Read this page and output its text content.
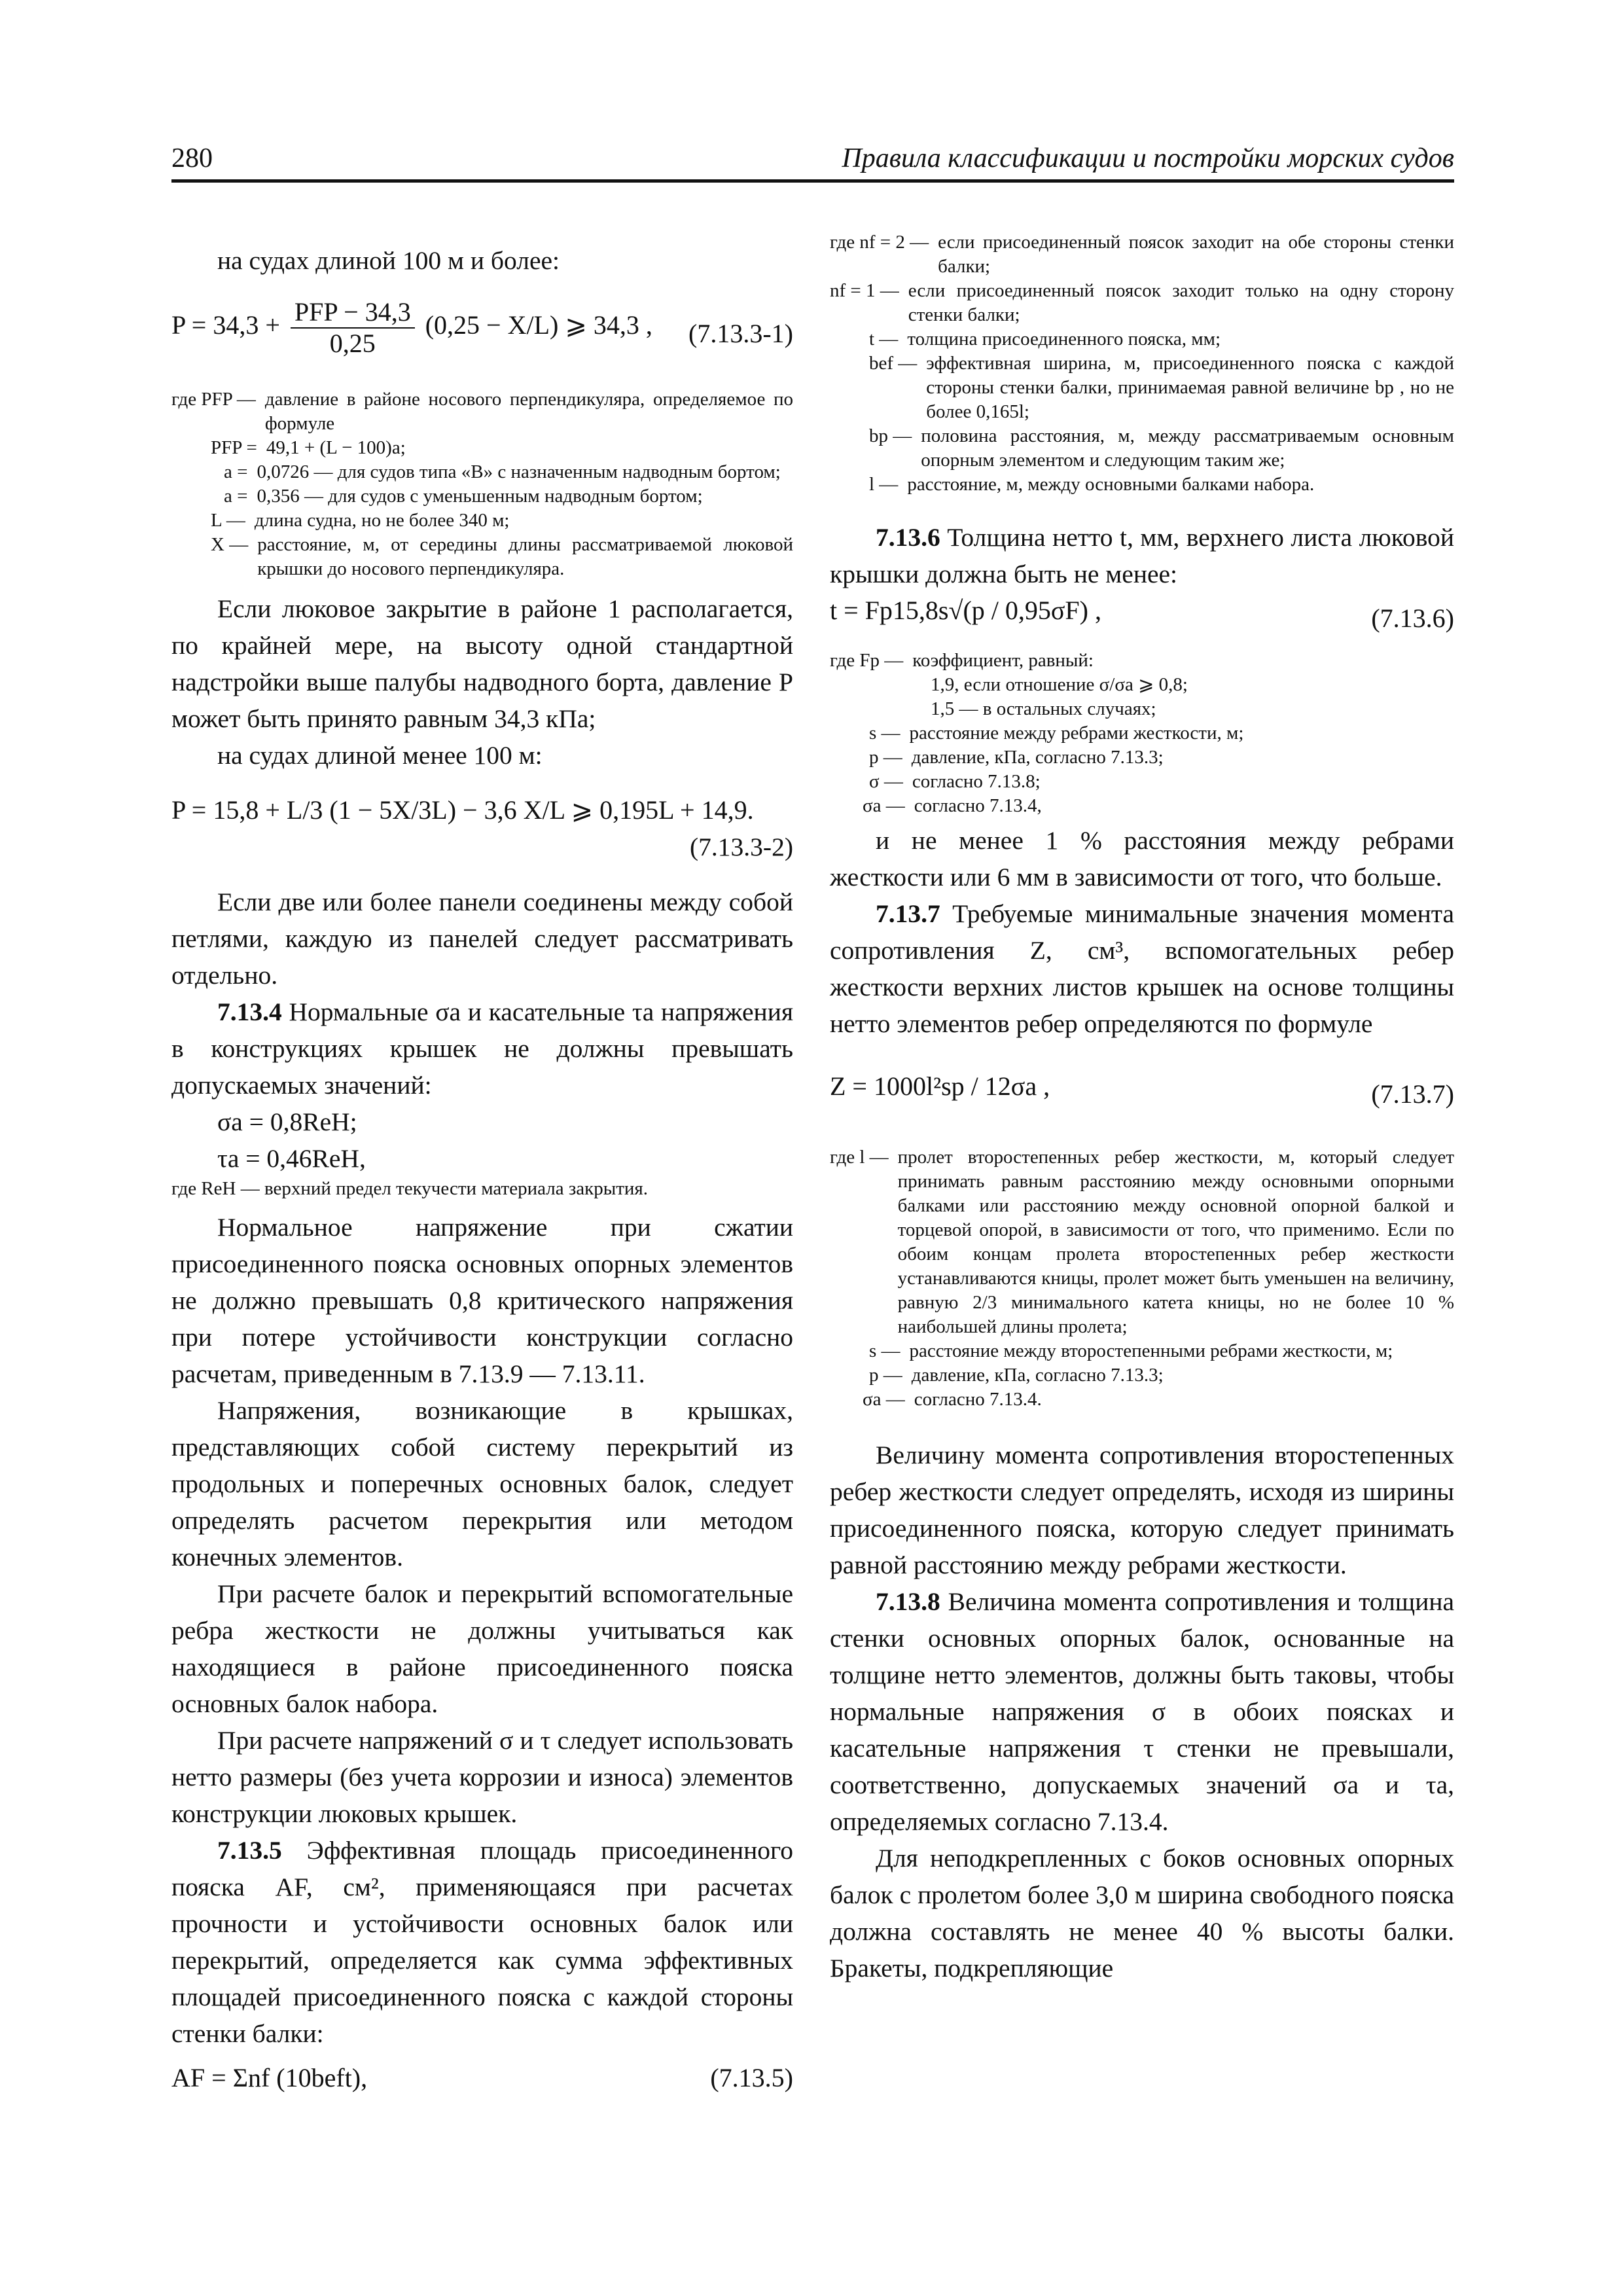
280	Правила классификации и постройки морских судов

на судах длиной 100 м и более:

P = 34,3 + PFP − 34,3
0,25
(0,25 − X/L) ⩾ 34,3 , (7.13.3-1)
где PFP — давление в районе носового перпендикуляра, определяемое по формуле
PFP = 49,1 + (L − 100)a;
a = 0,0726 — для судов типа «В» с назначенным надводным бортом;
a = 0,356 — для судов с уменьшенным надводным бортом;
L — длина судна, но не более 340 м;
X — расстояние, м, от середины длины рассматриваемой люковой крышки до носового перпендикуляра.

Если люковое закрытие в районе 1 располагается, по крайней мере, на высоту одной стандартной надстройки выше палубы надводного борта, давление P может быть принято равным 34,3 кПа;

на судах длиной менее 100 м:

P = 15,8 + L/3 (1 − 5X/3L) − 3,6 X/L ⩾ 0,195L + 14,9.

(7.13.3-2)

Если две или более панели соединены между собой петлями, каждую из панелей следует рассматривать отдельно.

7.13.4 Нормальные σa и касательные τa напряжения в конструкциях крышек не должны превышать допускаемых значений:

σa = 0,8ReH;

τa = 0,46ReH,

где ReH — верхний предел текучести материала закрытия.

Нормальное напряжение при сжатии присоединенного пояска основных опорных элементов не должно превышать 0,8 критического напряжения при потере устойчивости конструкции согласно расчетам, приведенным в 7.13.9 — 7.13.11.

Напряжения, возникающие в крышках, представляющих собой систему перекрытий из продольных и поперечных основных балок, следует определять расчетом перекрытия или методом конечных элементов.

При расчете балок и перекрытий вспомогательные ребра жесткости не должны учитываться как находящиеся в районе присоединенного пояска основных балок набора.

При расчете напряжений σ и τ следует использовать нетто размеры (без учета коррозии и износа) элементов конструкции люковых крышек.

7.13.5 Эффективная площадь присоединенного пояска AF, см², применяющаяся при расчетах прочности и устойчивости основных балок или перекрытий, определяется как сумма эффективных площадей присоединенного пояска с каждой стороны стенки балки:

AF = Σnf (10beft),	(7.13.5)
где nf = 2 — если присоединенный поясок заходит на обе стороны стенки балки;
nf = 1 — если присоединенный поясок заходит только на одну сторону стенки балки;
t — толщина присоединенного пояска, мм;
bef — эффективная ширина, м, присоединенного пояска с каждой стороны стенки балки, принимаемая равной величине bp , но не более 0,165l;
bp — половина расстояния, м, между рассматриваемым основным опорным элементом и следующим таким же;
l — расстояние, м, между основными балками набора.

7.13.6 Толщина нетто t, мм, верхнего листа люковой крышки должна быть не менее:

t = Fp15,8s√(p / 0,95σF) ,	(7.13.6)
где Fp — коэффициент, равный:
1,9, если отношение σ/σa ⩾ 0,8;
1,5 — в остальных случаях;
s — расстояние между ребрами жесткости, м;
p — давление, кПа, согласно 7.13.3;
σ — согласно 7.13.8;
σa — согласно 7.13.4,

и не менее 1 % расстояния между ребрами жесткости или 6 мм в зависимости от того, что больше.

7.13.7 Требуемые минимальные значения момента сопротивления Z, см³, вспомогательных ребер жесткости верхних листов крышек на основе толщины нетто элементов ребер определяются по формуле

Z = 1000l²sp / 12σa ,	(7.13.7)
где l — пролет второстепенных ребер жесткости, м, который следует принимать равным расстоянию между основными опорными балками или расстоянию между основной опорной балкой и торцевой опорой, в зависимости от того, что применимо. Если по обоим концам пролета второстепенных ребер жесткости устанавливаются кницы, пролет может быть уменьшен на величину, равную 2/3 минимального катета кницы, но не более 10 % наибольшей длины пролета;
s — расстояние между второстепенными ребрами жесткости, м;
p — давление, кПа, согласно 7.13.3;
σa — согласно 7.13.4.

Величину момента сопротивления второстепенных ребер жесткости следует определять, исходя из ширины присоединенного пояска, которую следует принимать равной расстоянию между ребрами жесткости.

7.13.8 Величина момента сопротивления и толщина стенки основных опорных балок, основанные на толщине нетто элементов, должны быть таковы, чтобы нормальные напряжения σ в обоих поясках и касательные напряжения τ стенки не превышали, соответственно, допускаемых значений σa и τa, определяемых согласно 7.13.4.

Для неподкрепленных с боков основных опорных балок с пролетом более 3,0 м ширина свободного пояска должна составлять не менее 40 % высоты балки. Бракеты, подкрепляющие
